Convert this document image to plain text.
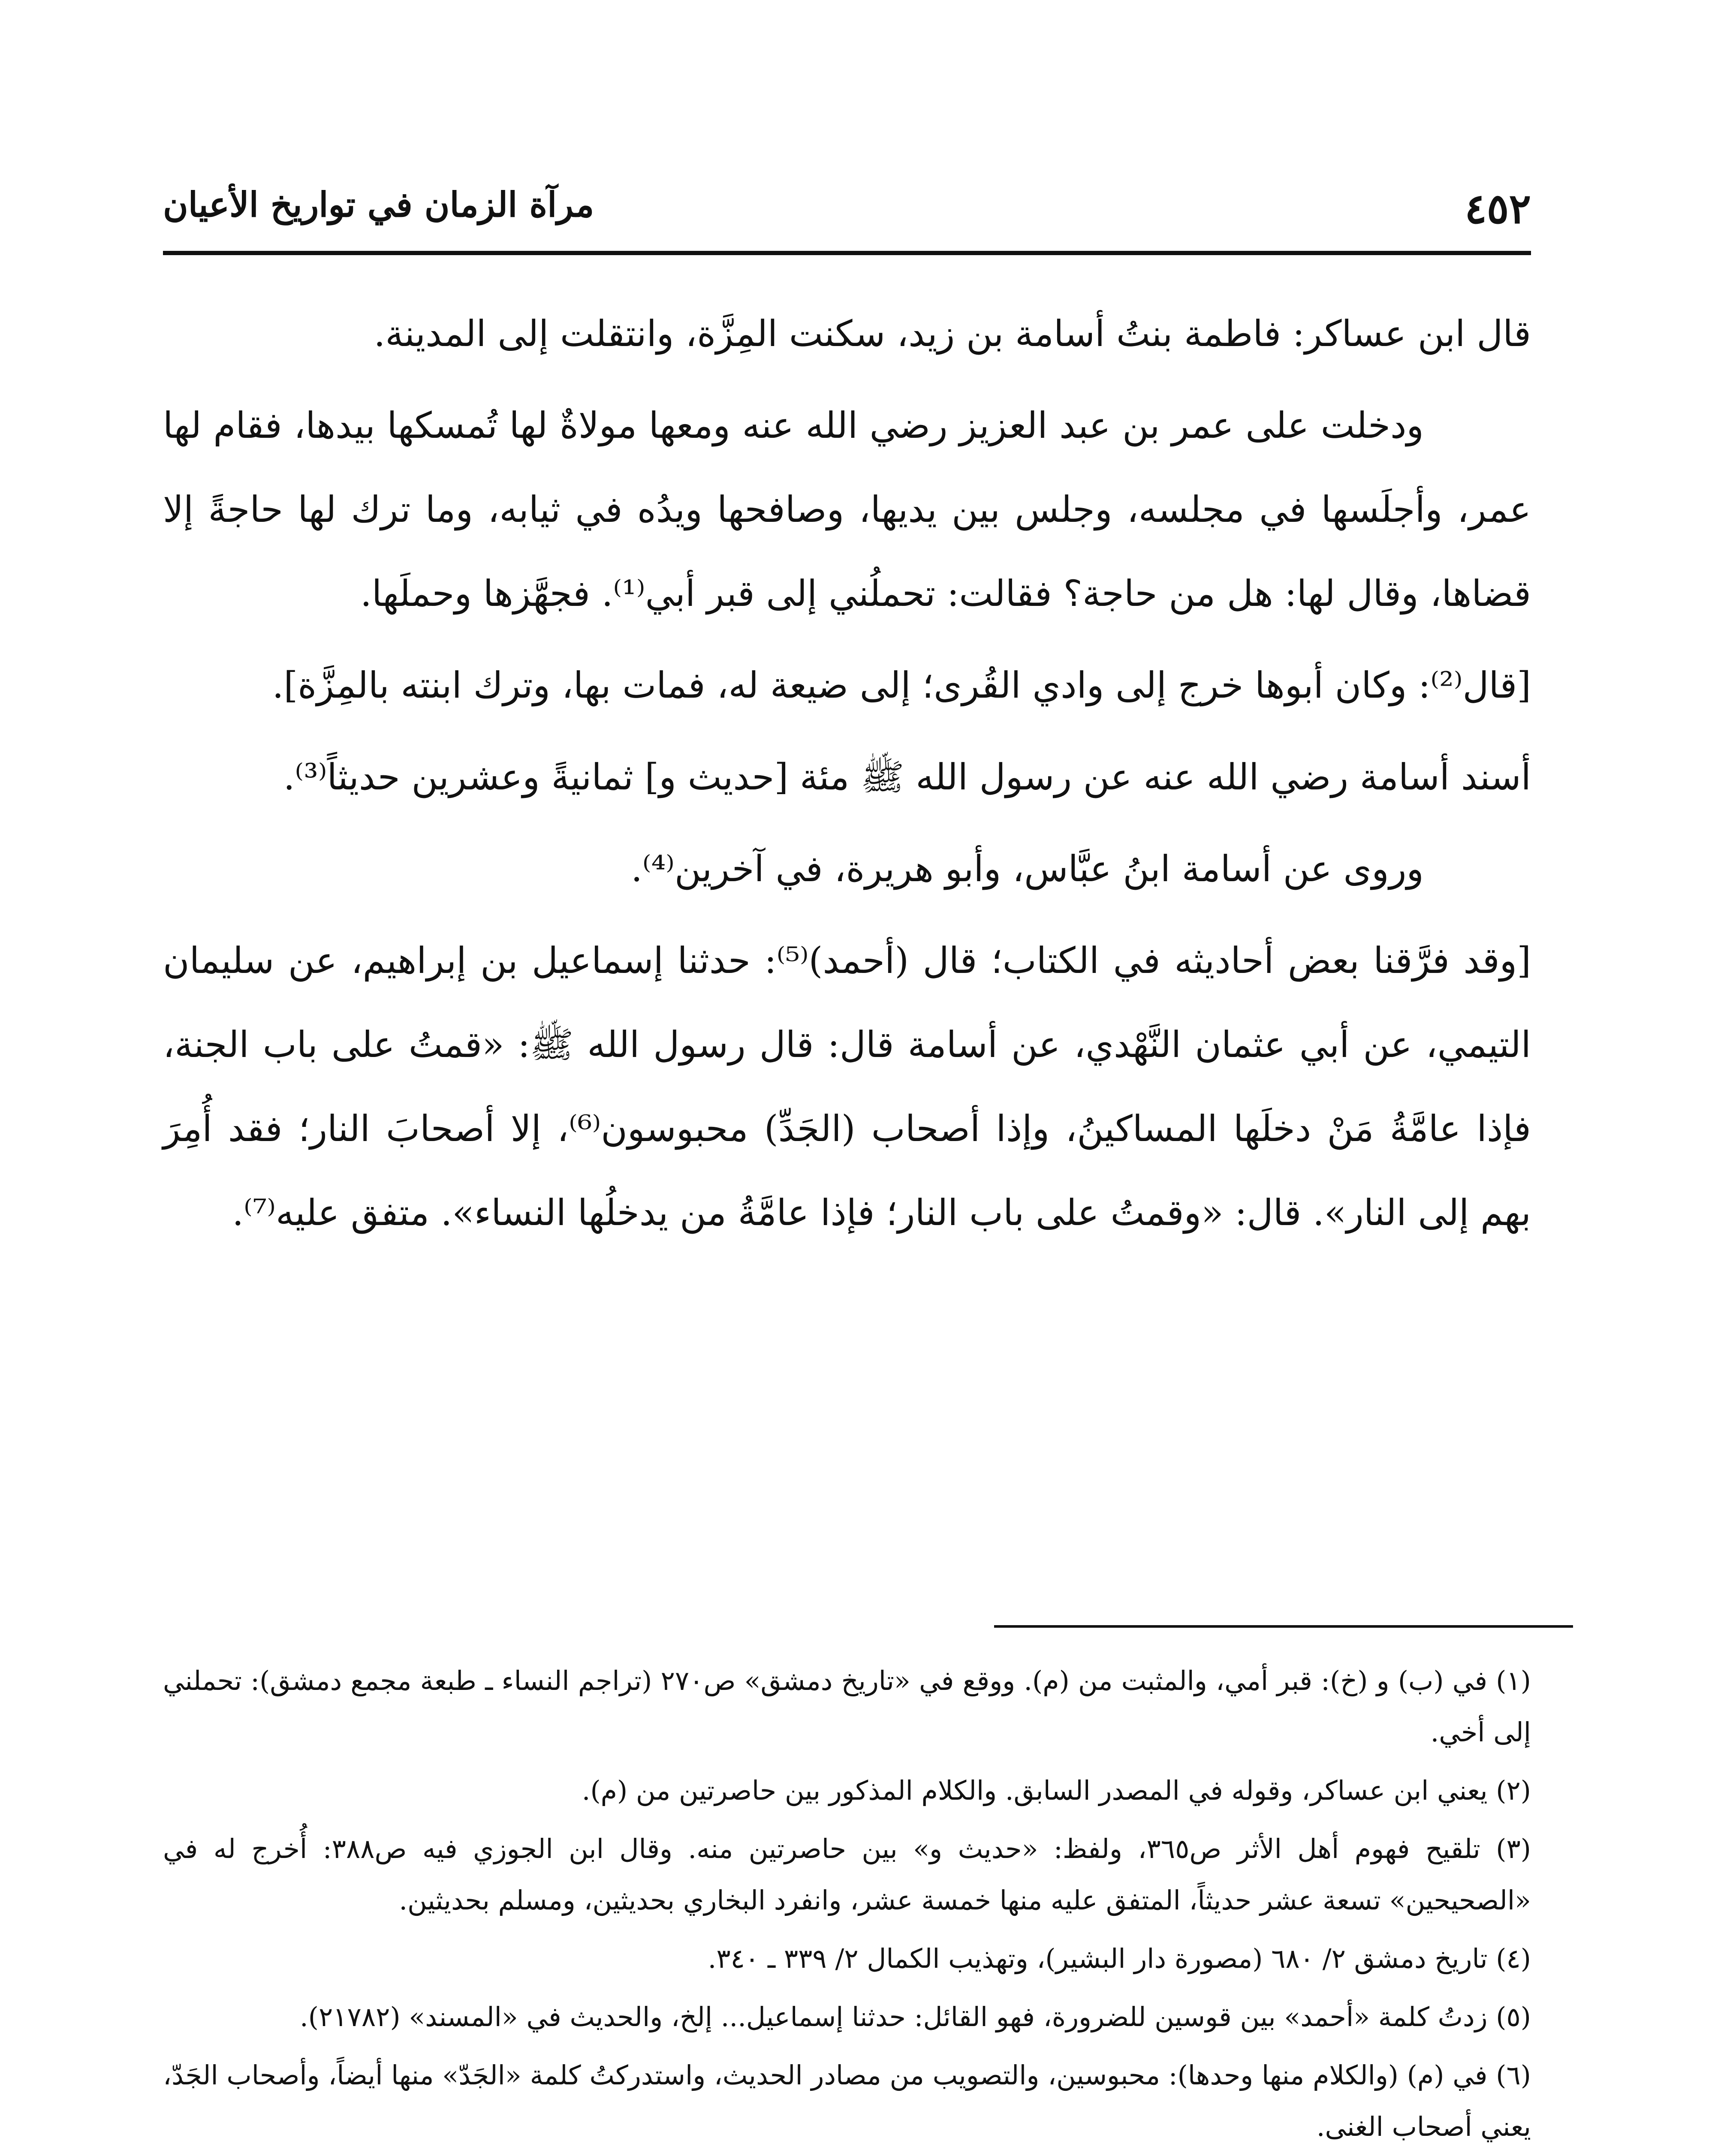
٤٥٢
مرآة الزمان في تواريخ الأعيان

قال ابن عساكر: فاطمة بنتُ أسامة بن زيد، سكنت المِزَّة، وانتقلت إلى المدينة.

ودخلت على عمر بن عبد العزيز رضي الله عنه ومعها مولاةٌ لها تُمسكها بيدها، فقام لها عمر، وأجلَسها في مجلسه، وجلس بين يديها، وصافحها ويدُه في ثيابه، وما ترك لها حاجةً إلا قضاها، وقال لها: هل من حاجة؟ فقالت: تحملُني إلى قبر أبي⁽¹⁾. فجهَّزها وحملَها.

[قال⁽²⁾: وكان أبوها خرج إلى وادي القُرى؛ إلى ضيعة له، فمات بها، وترك ابنته بالمِزَّة].

أسند أسامة رضي الله عنه عن رسول الله ﷺ مئة [حديث و] ثمانيةً وعشرين حديثاً⁽³⁾.

وروى عن أسامة ابنُ عبَّاس، وأبو هريرة، في آخرين⁽⁴⁾.

[وقد فرَّقنا بعض أحاديثه في الكتاب؛ قال (أحمد)⁽⁵⁾: حدثنا إسماعيل بن إبراهيم، عن سليمان التيمي، عن أبي عثمان النَّهْدي، عن أسامة قال: قال رسول الله ﷺ: «قمتُ على باب الجنة، فإذا عامَّةُ مَنْ دخلَها المساكينُ، وإذا أصحاب (الجَدِّ) محبوسون⁽⁶⁾، إلا أصحابَ النار؛ فقد أُمِرَ بهم إلى النار». قال: «وقمتُ على باب النار؛ فإذا عامَّةُ من يدخلُها النساء». متفق عليه⁽⁷⁾.

(١) في (ب) و (خ): قبر أمي، والمثبت من (م). ووقع في «تاريخ دمشق» ص٢٧٠ (تراجم النساء ـ طبعة مجمع دمشق): تحملني إلى أخي.

(٢) يعني ابن عساكر، وقوله في المصدر السابق. والكلام المذكور بين حاصرتين من (م).

(٣) تلقيح فهوم أهل الأثر ص٣٦٥، ولفظ: «حديث و» بين حاصرتين منه. وقال ابن الجوزي فيه ص٣٨٨: أُخرج له في «الصحيحين» تسعة عشر حديثاً، المتفق عليه منها خمسة عشر، وانفرد البخاري بحديثين، ومسلم بحديثين.

(٤) تاريخ دمشق ٢/ ٦٨٠ (مصورة دار البشير)، وتهذيب الكمال ٢/ ٣٣٩ ـ ٣٤٠.

(٥) زدتُ كلمة «أحمد» بين قوسين للضرورة، فهو القائل: حدثنا إسماعيل... إلخ، والحديث في «المسند» (٢١٧٨٢).

(٦) في (م) (والكلام منها وحدها): محبوسين، والتصويب من مصادر الحديث، واستدركتُ كلمة «الجَدّ» منها أيضاً، وأصحاب الجَدّ، يعني أصحاب الغنى.
